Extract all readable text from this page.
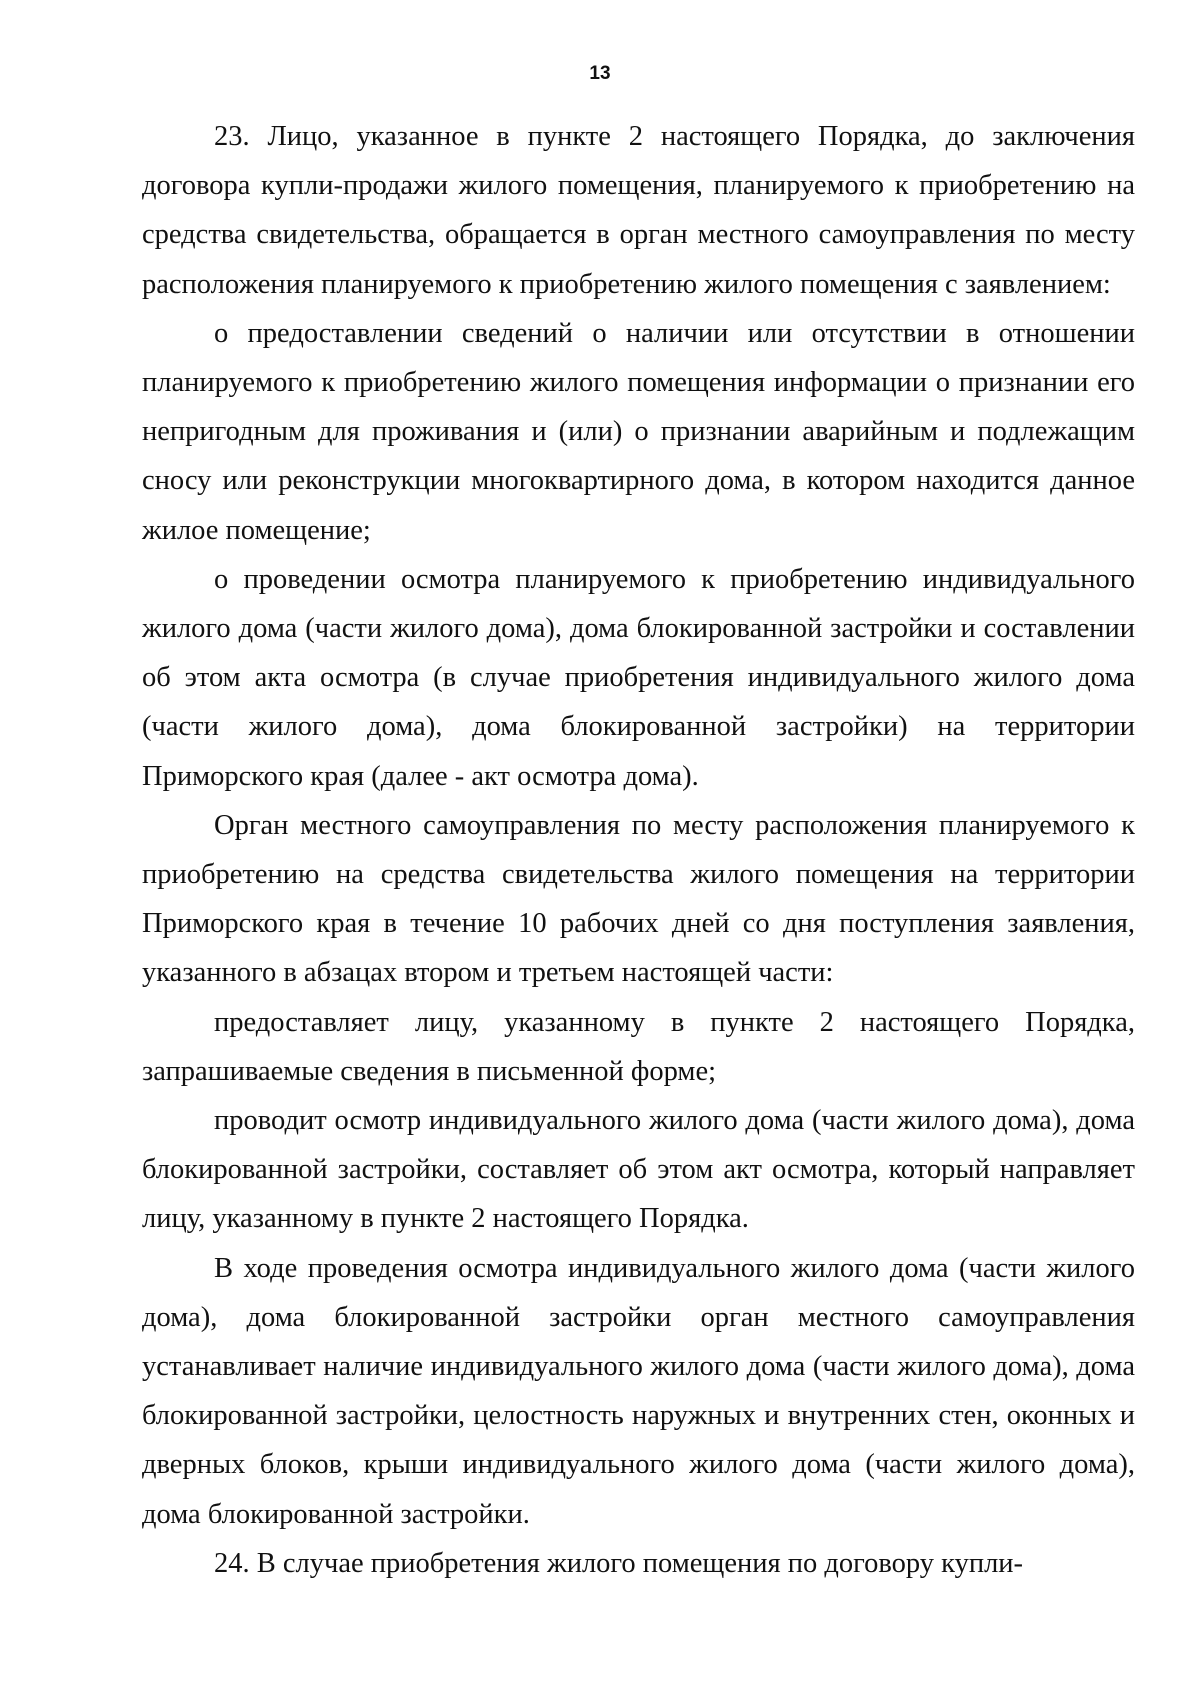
13

23. Лицо, указанное в пункте 2 настоящего Порядка, до заключения договора купли-продажи жилого помещения, планируемого к приобретению на средства свидетельства, обращается в орган местного самоуправления по месту расположения планируемого к приобретению жилого помещения с заявлением:

о предоставлении сведений о наличии или отсутствии в отношении планируемого к приобретению жилого помещения информации о признании его непригодным для проживания и (или) о признании аварийным и подлежащим сносу или реконструкции многоквартирного дома, в котором находится данное жилое помещение;

о проведении осмотра планируемого к приобретению индивидуального жилого дома (части жилого дома), дома блокированной застройки и составлении об этом акта осмотра (в случае приобретения индивидуального жилого дома (части жилого дома), дома блокированной застройки) на территории Приморского края (далее - акт осмотра дома).

Орган местного самоуправления по месту расположения планируемого к приобретению на средства свидетельства жилого помещения на территории Приморского края в течение 10 рабочих дней со дня поступления заявления, указанного в абзацах втором и третьем настоящей части:

предоставляет лицу, указанному в пункте 2 настоящего Порядка, запрашиваемые сведения в письменной форме;

проводит осмотр индивидуального жилого дома (части жилого дома), дома блокированной застройки, составляет об этом акт осмотра, который направляет лицу, указанному в пункте 2 настоящего Порядка.

В ходе проведения осмотра индивидуального жилого дома (части жилого дома), дома блокированной застройки орган местного самоуправления устанавливает наличие индивидуального жилого дома (части жилого дома), дома блокированной застройки, целостность наружных и внутренних стен, оконных и дверных блоков, крыши индивидуального жилого дома (части жилого дома), дома блокированной застройки.

24. В случае приобретения жилого помещения по договору купли-
